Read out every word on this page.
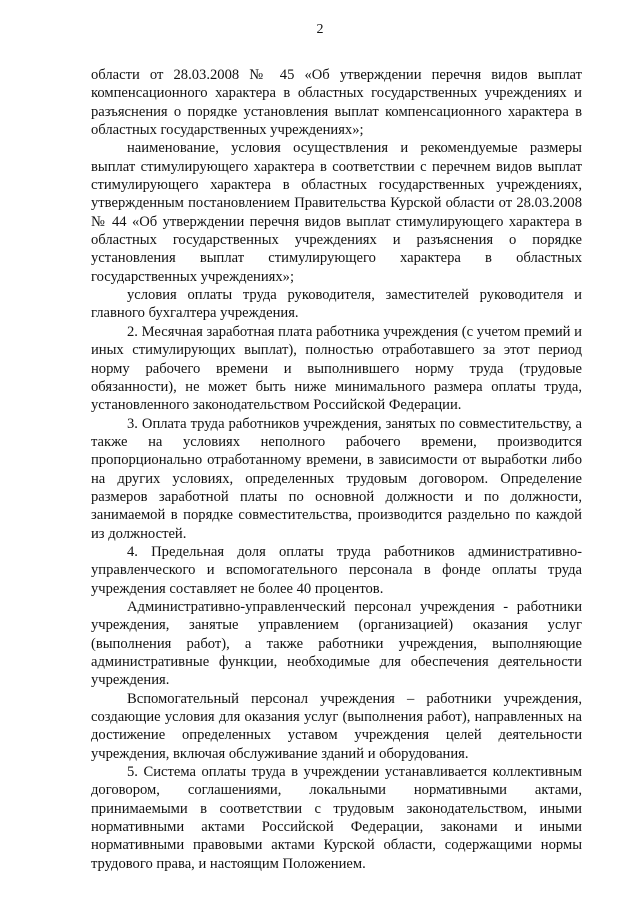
2

области от 28.03.2008 № 45 «Об утверждении перечня видов выплат компенсационного характера в областных государственных учреждениях и разъяснения о порядке установления выплат компенсационного характера в областных государственных учреждениях»;

наименование, условия осуществления и рекомендуемые размеры выплат стимулирующего характера в соответствии с перечнем видов выплат стимулирующего характера в областных государственных учреждениях, утвержденным постановлением Правительства Курской области от 28.03.2008 № 44 «Об утверждении перечня видов выплат стимулирующего характера в областных государственных учреждениях и разъяснения о порядке установления выплат стимулирующего характера в областных государственных учреждениях»;

условия оплаты труда руководителя, заместителей руководителя и главного бухгалтера учреждения.

2. Месячная заработная плата работника учреждения (с учетом премий и иных стимулирующих выплат), полностью отработавшего за этот период норму рабочего времени и выполнившего норму труда (трудовые обязанности), не может быть ниже минимального размера оплаты труда, установленного законодательством Российской Федерации.

3. Оплата труда работников учреждения, занятых по совместительству, а также на условиях неполного рабочего времени, производится пропорционально отработанному времени, в зависимости от выработки либо на других условиях, определенных трудовым договором. Определение размеров заработной платы по основной должности и по должности, занимаемой в порядке совместительства, производится раздельно по каждой из должностей.

4. Предельная доля оплаты труда работников административно-управленческого и вспомогательного персонала в фонде оплаты труда учреждения составляет не более 40 процентов.

Административно-управленческий персонал учреждения - работники учреждения, занятые управлением (организацией) оказания услуг (выполнения работ), а также работники учреждения, выполняющие административные функции, необходимые для обеспечения деятельности учреждения.

Вспомогательный персонал учреждения – работники учреждения, создающие условия для оказания услуг (выполнения работ), направленных на достижение определенных уставом учреждения целей деятельности учреждения, включая обслуживание зданий и оборудования.

5. Система оплаты труда в учреждении устанавливается коллективным договором, соглашениями, локальными нормативными актами, принимаемыми в соответствии с трудовым законодательством, иными нормативными актами Российской Федерации, законами и иными нормативными правовыми актами Курской области, содержащими нормы трудового права, и настоящим Положением.
